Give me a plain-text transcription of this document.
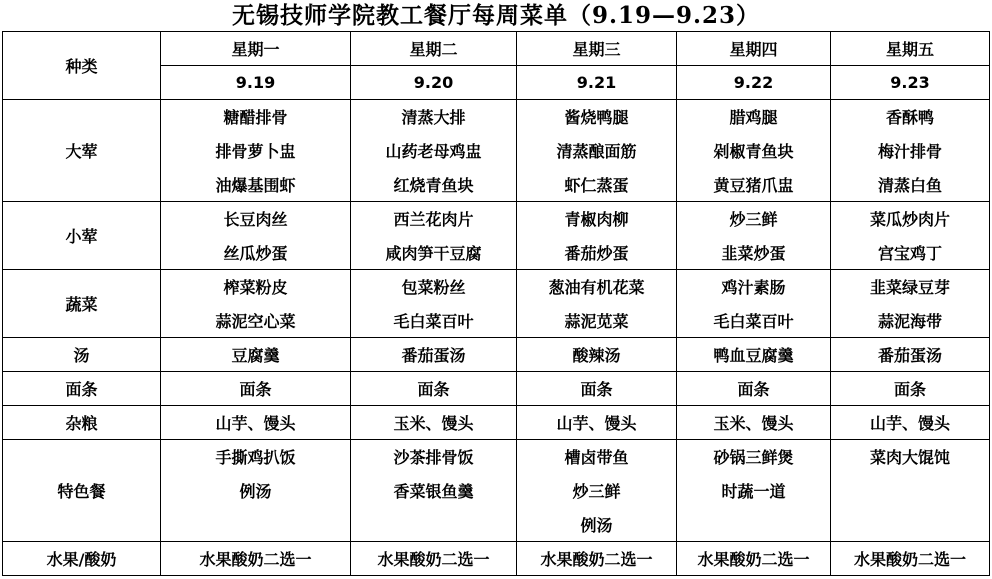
无锡技师学院教工餐厅每周菜单（9.19—9.23）
种类	星期一	星期二	星期三	星期四	星期五
	9.19	9.20	9.21	9.22	9.23
大荤	糖醋排骨	清蒸大排	酱烧鸭腿	腊鸡腿	香酥鸭
	排骨萝卜盅	山药老母鸡盅	清蒸酿面筋	剁椒青鱼块	梅汁排骨
	油爆基围虾	红烧青鱼块	虾仁蒸蛋	黄豆猪爪盅	清蒸白鱼
小荤	长豆肉丝	西兰花肉片	青椒肉柳	炒三鲜	菜瓜炒肉片
	丝瓜炒蛋	咸肉笋干豆腐	番茄炒蛋	韭菜炒蛋	宫宝鸡丁
蔬菜	榨菜粉皮	包菜粉丝	葱油有机花菜	鸡汁素肠	韭菜绿豆芽
	蒜泥空心菜	毛白菜百叶	蒜泥苋菜	毛白菜百叶	蒜泥海带
汤	豆腐羹	番茄蛋汤	酸辣汤	鸭血豆腐羹	番茄蛋汤
面条	面条	面条	面条	面条	面条
杂粮	山芋、馒头	玉米、馒头	山芋、馒头	玉米、馒头	山芋、馒头
特色餐	手撕鸡扒饭	沙茶排骨饭	槽卤带鱼	砂锅三鲜煲	菜肉大馄饨
	例汤	香菜银鱼羹	炒三鲜	时蔬一道	
			例汤		
水果/酸奶	水果酸奶二选一	水果酸奶二选一	水果酸奶二选一	水果酸奶二选一	水果酸奶二选一
